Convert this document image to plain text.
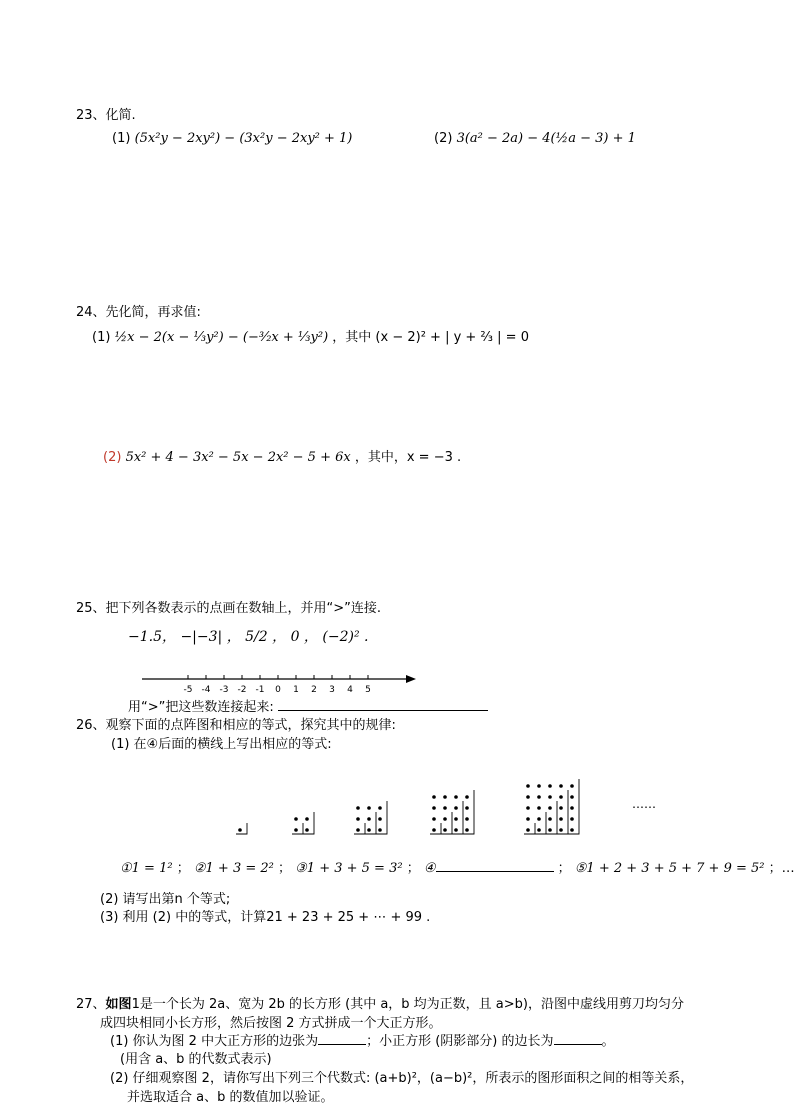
23、化简.
(1) (5x²y − 2xy²) − (3x²y − 2xy² + 1)	(2) 3(a² − 2a) − 4(½a − 3) + 1
24、先化简，再求值:
(1) ½x − 2(x − ⅓y²) − (−³⁄₂x + ⅓y²) ，其中 (x − 2)² + | y + ⅔ | = 0
(2) 5x² + 4 − 3x² − 5x − 2x² − 5 + 6x ，其中，x = −3 .
25、把下列各数表示的点画在数轴上，并用“>”连接.
−1.5， −|−3| ， 5/2 ， 0 ， (−2)² .
-5 -4 -3 -2 -1 0 1 2 3 4 5
用“>”把这些数连接起来:
26、观察下面的点阵图和相应的等式，探究其中的规律:
(1) 在④后面的横线上写出相应的等式:
……
①1 = 1² ； ②1 + 3 = 2² ； ③1 + 3 + 5 = 3² ； ④	； ⑤1 + 2 + 3 + 5 + 7 + 9 = 5² ；…
(2) 请写出第n 个等式;
(3) 利用 (2) 中的等式，计算21 + 23 + 25 + ⋯ + 99 .
27、如图1是一个长为 2a、宽为 2b 的长方形 (其中 a，b 均为正数，且 a>b)，沿图中虚线用剪刀均匀分
成四块相同小长方形，然后按图 2 方式拼成一个大正方形。
(1) 你认为图 2 中大正方形的边张为	；小正方形 (阴影部分) 的边长为	。
(用含 a、b 的代数式表示)
(2) 仔细观察图 2，请你写出下列三个代数式: (a+b)²，(a−b)²，所表示的图形面积之间的相等关系，
并选取适合 a、b 的数值加以验证。
